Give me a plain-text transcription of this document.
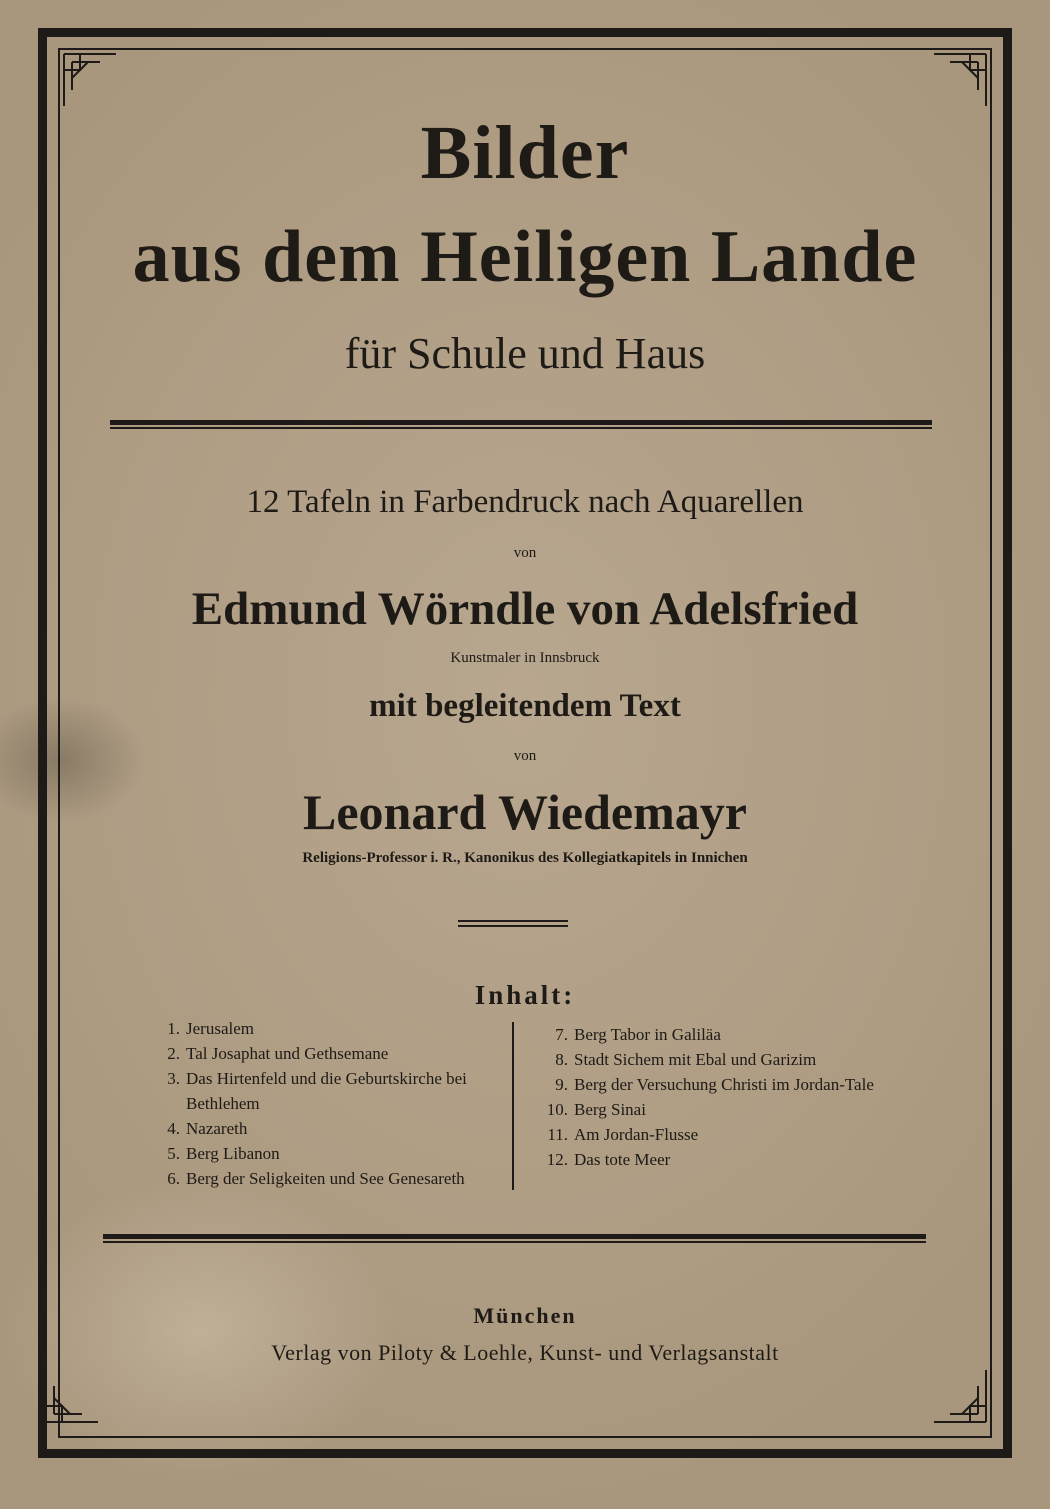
Bilder
aus dem Heiligen Lande
für Schule und Haus
12 Tafeln in Farbendruck nach Aquarellen
von
Edmund Wörndle von Adelsfried
Kunstmaler in Innsbruck
mit begleitendem Text
von
Leonard Wiedemayr
Religions-Professor i. R., Kanonikus des Kollegiatkapitels in Innichen
Inhalt:
1. Jerusalem
2. Tal Josaphat und Gethsemane
3. Das Hirtenfeld und die Geburtskirche bei Bethlehem
4. Nazareth
5. Berg Libanon
6. Berg der Seligkeiten und See Genesareth
7. Berg Tabor in Galiläa
8. Stadt Sichem mit Ebal und Garizim
9. Berg der Versuchung Christi im Jordan-Tale
10. Berg Sinai
11. Am Jordan-Flusse
12. Das tote Meer
München
Verlag von Piloty & Loehle, Kunst- und Verlagsanstalt
